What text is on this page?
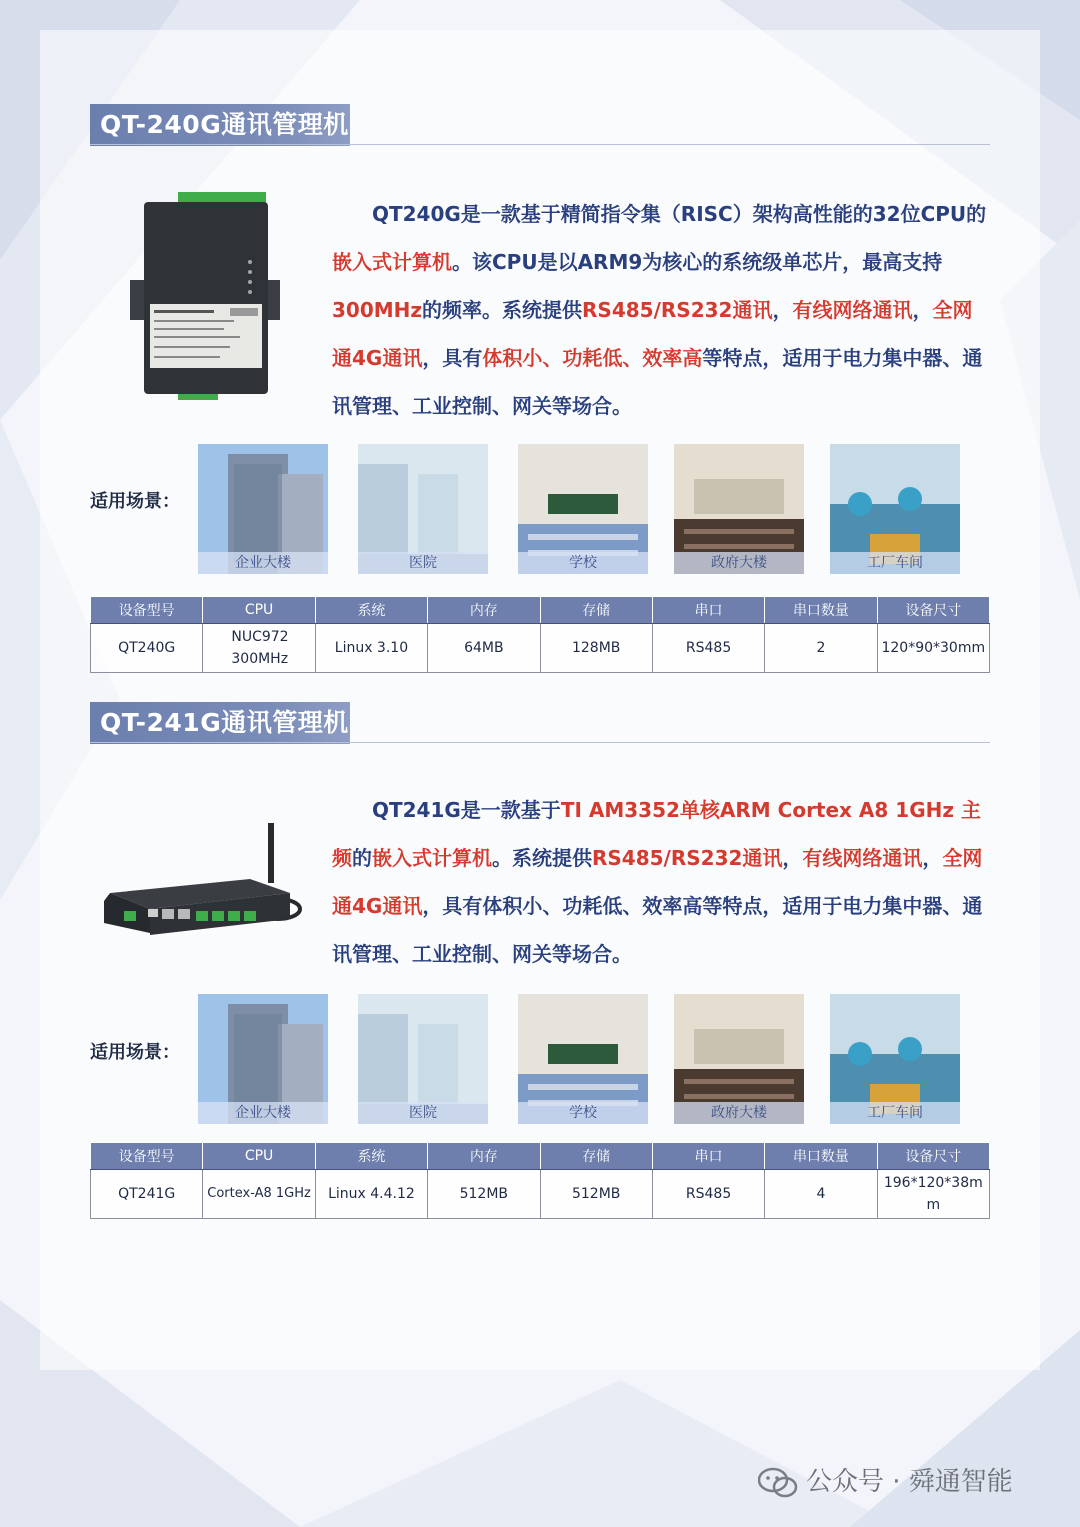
QT-240G通讯管理机
QT240G是一款基于精简指令集（RISC）架构高性能的32位CPU的嵌入式计算机。该CPU是以ARM9为核心的系统级单芯片，最高支持300MHz的频率。系统提供RS485/RS232通讯，有线网络通讯，全网通4G通讯，具有体积小、功耗低、效率高等特点，适用于电力集中器、通讯管理、工业控制、网关等场合。
适用场景：
企业大楼	医院	学校	政府大楼	工厂车间
设备型号	CPU	系统	内存	存储	串口	串口数量	设备尺寸
QT240G	NUC972 300MHz	Linux 3.10	64MB	128MB	RS485	2	120*90*30mm
QT-241G通讯管理机
QT241G是一款基于TI AM3352单核ARM Cortex A8 1GHz 主频的嵌入式计算机。系统提供RS485/RS232通讯，有线网络通讯，全网通4G通讯，具有体积小、功耗低、效率高等特点，适用于电力集中器、通讯管理、工业控制、网关等场合。
适用场景：
企业大楼	医院	学校	政府大楼	工厂车间
设备型号	CPU	系统	内存	存储	串口	串口数量	设备尺寸
QT241G	Cortex-A8 1GHz	Linux 4.4.12	512MB	512MB	RS485	4	196*120*38mm
公众号 · 舜通智能
